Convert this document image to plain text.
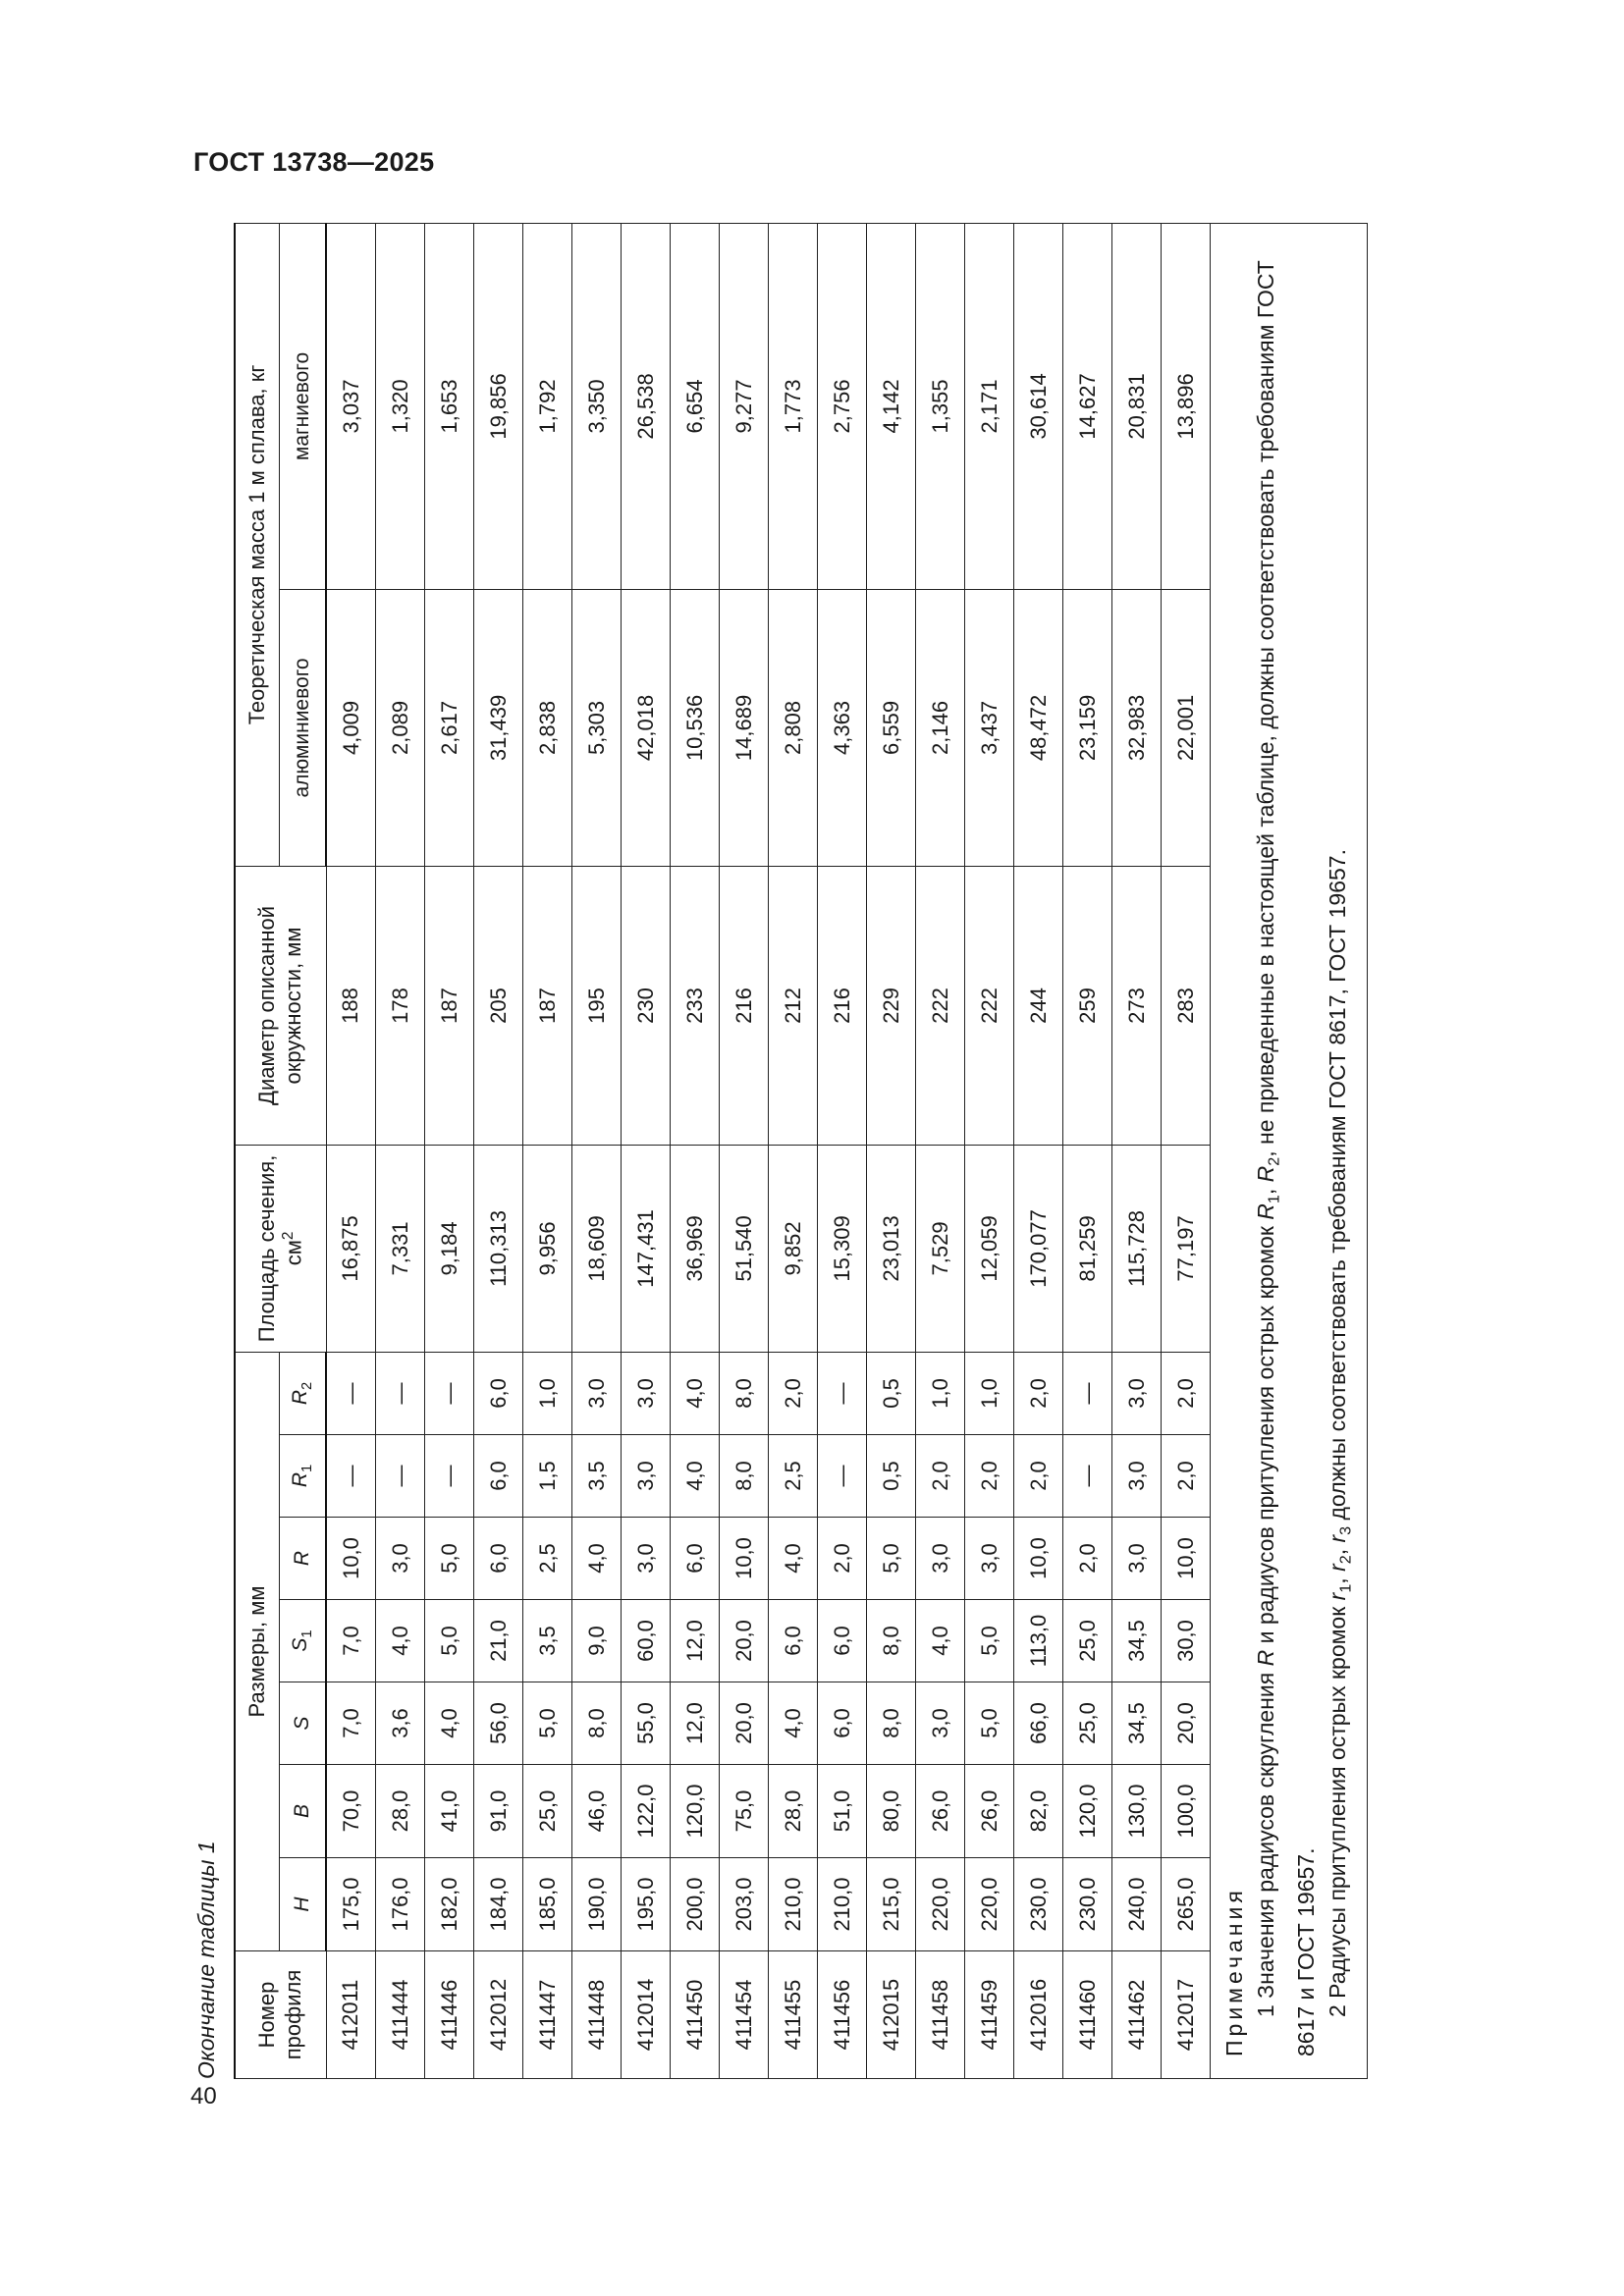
ГОСТ 13738—2025
Окончание таблицы 1	Номер профиля	Размеры, мм							Площадь сечения, $см^2$	Диаметр описанной окружности, мм	Теоретическая масса 1 м сплава, кг	
	H	B	S	$S_1$	R	$R_1$	$R_2$			алюминиевого	магниевого
412011	175,0	70,0	7,0	7,0	10,0	—	—	16,875	188	4,009	3,037
411444	176,0	28,0	3,6	4,0	3,0	—	—	7,331	178	2,089	1,320
411446	182,0	41,0	4,0	5,0	5,0	—	—	9,184	187	2,617	1,653
412012	184,0	91,0	56,0	21,0	6,0	6,0	6,0	110,313	205	31,439	19,856
411447	185,0	25,0	5,0	3,5	2,5	1,5	1,0	9,956	187	2,838	1,792
411448	190,0	46,0	8,0	9,0	4,0	3,5	3,0	18,609	195	5,303	3,350
412014	195,0	122,0	55,0	60,0	3,0	3,0	3,0	147,431	230	42,018	26,538
411450	200,0	120,0	12,0	12,0	6,0	4,0	4,0	36,969	233	10,536	6,654
411454	203,0	75,0	20,0	20,0	10,0	8,0	8,0	51,540	216	14,689	9,277
411455	210,0	28,0	4,0	6,0	4,0	2,5	2,0	9,852	212	2,808	1,773
411456	210,0	51,0	6,0	6,0	2,0	—	—	15,309	216	4,363	2,756
412015	215,0	80,0	8,0	8,0	5,0	0,5	0,5	23,013	229	6,559	4,142
411458	220,0	26,0	3,0	4,0	3,0	2,0	1,0	7,529	222	2,146	1,355
411459	220,0	26,0	5,0	5,0	3,0	2,0	1,0	12,059	222	3,437	2,171
412016	230,0	82,0	66,0	113,0	10,0	2,0	2,0	170,077	244	48,472	30,614
411460	230,0	120,0	25,0	25,0	2,0	—	—	81,259	259	23,159	14,627
411462	240,0	130,0	34,5	34,5	3,0	3,0	3,0	115,728	273	32,983	20,831
412017	265,0	100,0	20,0	30,0	10,0	2,0	2,0	77,197	283	22,001	13,896

Примечания 1 Значения радиусов скругления R и радиусов притупления острых кромок $R_1$, $R_2$, не приведенные в настоящей таблице, должны соответствовать требованиям ГОСТ 8617 и ГОСТ 19657. 2 Радиусы притупления острых кромок $r_1$, $r_2$, $r_3$ должны соответствовать требованиям ГОСТ 8617, ГОСТ 19657.											
40
